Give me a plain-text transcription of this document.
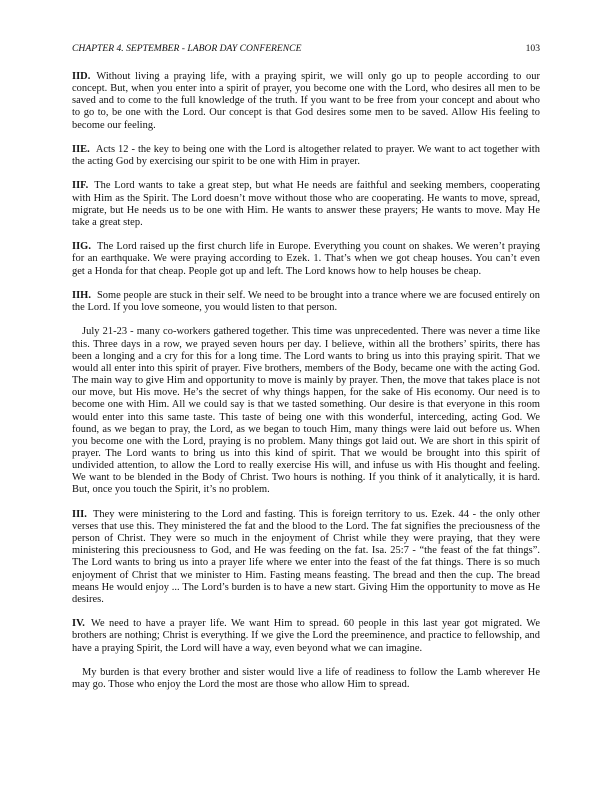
CHAPTER 4. SEPTEMBER - LABOR DAY CONFERENCE	103

IID. Without living a praying life, with a praying spirit, we will only go up to people according to our concept. But, when you enter into a spirit of prayer, you become one with the Lord, who desires all men to be saved and to come to the full knowledge of the truth. If you want to be free from your concept and about who to go to, be one with the Lord. Our concept is that God desires some men to be saved. Allow His feeling to become our feeling.

IIE. Acts 12 - the key to being one with the Lord is altogether related to prayer. We want to act together with the acting God by exercising our spirit to be one with Him in prayer.

IIF. The Lord wants to take a great step, but what He needs are faithful and seeking members, cooperating with Him as the Spirit. The Lord doesn’t move without those who are cooperating. He wants to move, spread, migrate, but He needs us to be one with Him. He wants to answer these prayers; He wants to move. May He take a great step.

IIG. The Lord raised up the first church life in Europe. Everything you count on shakes. We weren’t praying for an earthquake. We were praying according to Ezek. 1. That’s when we got cheap houses. You can’t even get a Honda for that cheap. People got up and left. The Lord knows how to help houses be cheap.

IIH. Some people are stuck in their self. We need to be brought into a trance where we are focused entirely on the Lord. If you love someone, you would listen to that person.

July 21-23 - many co-workers gathered together. This time was unprecedented. There was never a time like this. Three days in a row, we prayed seven hours per day. I believe, within all the brothers’ spirits, there has been a longing and a cry for this for a long time. The Lord wants to bring us into this praying spirit. That we would all enter into this spirit of prayer. Five brothers, members of the Body, became one with the acting God. The main way to give Him and opportunity to move is mainly by prayer. Then, the move that takes place is not our move, but His move. He’s the secret of why things happen, for the sake of His economy. Our need is to become one with Him. All we could say is that we tasted something. Our desire is that everyone in this room would enter into this same taste. This taste of being one with this wonderful, interceding, acting God. We found, as we began to pray, the Lord, as we began to touch Him, many things were laid out before us. When you become one with the Lord, praying is no problem. Many things got laid out. We are short in this spirit of prayer. The Lord wants to bring us into this kind of spirit. That we would be brought into this spirit of undivided attention, to allow the Lord to really exercise His will, and infuse us with His thought and feeling. We want to be blended in the Body of Christ. Two hours is nothing. If you think of it analytically, it is hard. But, once you touch the Spirit, it’s no problem.

III. They were ministering to the Lord and fasting. This is foreign territory to us. Ezek. 44 - the only other verses that use this. They ministered the fat and the blood to the Lord. The fat signifies the preciousness of the person of Christ. They were so much in the enjoyment of Christ while they were praying, that they were ministering this preciousness to God, and He was feeding on the fat. Isa. 25:7 - “the feast of the fat things”. The Lord wants to bring us into a prayer life where we enter into the feast of the fat things. There is so much enjoyment of Christ that we minister to Him. Fasting means feasting. The bread and then the cup. The bread means He would enjoy ... The Lord’s burden is to have a new start. Giving Him the opportunity to move as He desires.

IV. We need to have a prayer life. We want Him to spread. 60 people in this last year got migrated. We brothers are nothing; Christ is everything. If we give the Lord the preeminence, and practice to fellowship, and have a praying Spirit, the Lord will have a way, even beyond what we can imagine.

My burden is that every brother and sister would live a life of readiness to follow the Lamb wherever He may go. Those who enjoy the Lord the most are those who allow Him to spread.
